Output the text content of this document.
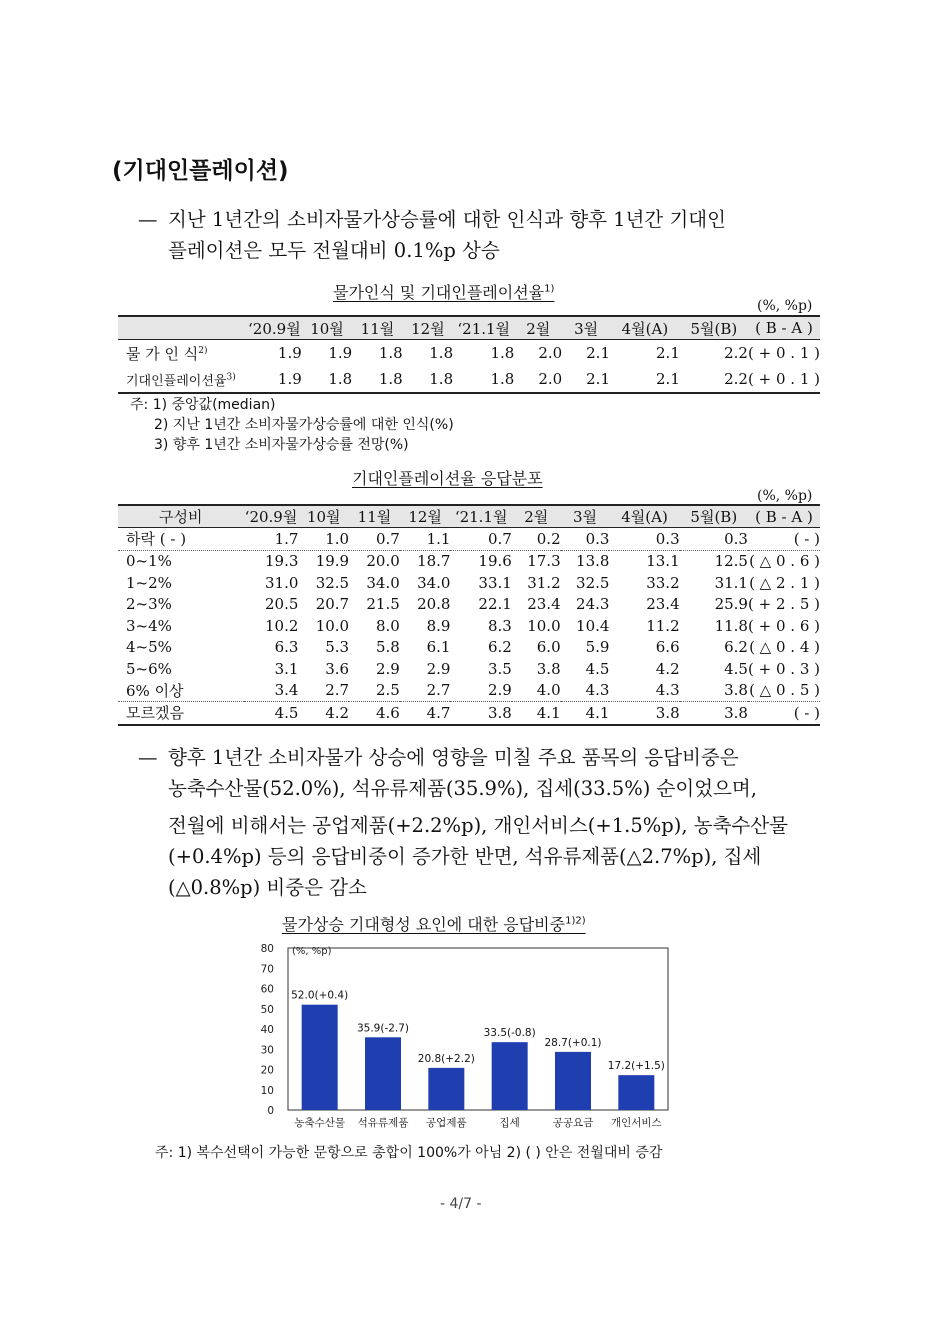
(기대인플레이션)
— 지난 1년간의 소비자물가상승률에 대한 인식과 향후 1년간 기대인
플레이션은 모두 전월대비 0.1%p 상승
물가인식 및 기대인플레이션율$^{1)}$
(%, %p)
	‘20.9월	10월	11월	12월	‘21.1월	2월	3월	4월(A)	5월(B)	( B - A )
물 가 인 식$^{2)}$	1.9	1.9	1.8	1.8	1.8	2.0	2.1	2.1	2.2	( + 0 . 1 )
기대인플레이션율$^{3)}$	1.9	1.8	1.8	1.8	1.8	2.0	2.1	2.1	2.2	( + 0 . 1 )
주: 1) 중앙값(median)
2) 지난 1년간 소비자물가상승률에 대한 인식(%)
3) 향후 1년간 소비자물가상승률 전망(%)
기대인플레이션율 응답분포
(%, %p)
구성비	‘20.9월	10월	11월	12월	‘21.1월	2월	3월	4월(A)	5월(B)	( B - A )
하락 ( - )	1.7	1.0	0.7	1.1	0.7	0.2	0.3	0.3	0.3	( - )
0~1%	19.3	19.9	20.0	18.7	19.6	17.3	13.8	13.1	12.5	( △ 0 . 6 )
1~2%	31.0	32.5	34.0	34.0	33.1	31.2	32.5	33.2	31.1	( △ 2 . 1 )
2~3%	20.5	20.7	21.5	20.8	22.1	23.4	24.3	23.4	25.9	( + 2 . 5 )
3~4%	10.2	10.0	8.0	8.9	8.3	10.0	10.4	11.2	11.8	( + 0 . 6 )
4~5%	6.3	5.3	5.8	6.1	6.2	6.0	5.9	6.6	6.2	( △ 0 . 4 )
5~6%	3.1	3.6	2.9	2.9	3.5	3.8	4.5	4.2	4.5	( + 0 . 3 )
6% 이상	3.4	2.7	2.5	2.7	2.9	4.0	4.3	4.3	3.8	( △ 0 . 5 )
모르겠음	4.5	4.2	4.6	4.7	3.8	4.1	4.1	3.8	3.8	( - )
— 향후 1년간 소비자물가 상승에 영향을 미칠 주요 품목의 응답비중은
농축수산물(52.0%), 석유류제품(35.9%), 집세(33.5%) 순이었으며,
전월에 비해서는 공업제품(+2.2%p), 개인서비스(+1.5%p), 농축수산물
(+0.4%p) 등의 응답비중이 증가한 반면, 석유류제품(△2.7%p), 집세
(△0.8%p) 비중은 감소
물가상승 기대형성 요인에 대한 응답비중$^{1)2)}$
(%, %p)
0
10
20
30
40
50
60
70
80
52.0(+0.4)
농축수산물
35.9(-2.7)
석유류제품
20.8(+2.2)
공업제품
33.5(-0.8)
집세
28.7(+0.1)
공공요금
17.2(+1.5)
개인서비스
주: 1) 복수선택이 가능한 문항으로 총합이 100%가 아님 2) ( ) 안은 전월대비 증감
- 4/7 -
